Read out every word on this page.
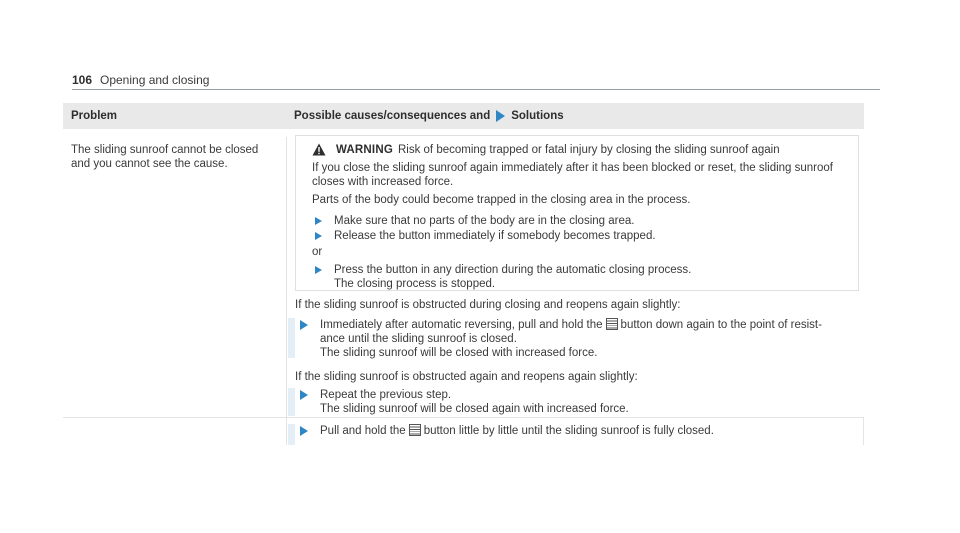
106 Opening and closing
Problem	Possible causes/consequences and Solutions
The sliding sunroof cannot be closed
and you cannot see the cause.
WARNING Risk of becoming trapped or fatal injury by closing the sliding sunroof again
If you close the sliding sunroof again immediately after it has been blocked or reset, the sliding sunroof
closes with increased force.
Parts of the body could become trapped in the closing area in the process.
Make sure that no parts of the body are in the closing area.
Release the button immediately if somebody becomes trapped.
or
Press the button in any direction during the automatic closing process.
The closing process is stopped.
If the sliding sunroof is obstructed during closing and reopens again slightly:
Immediately after automatic reversing, pull and hold the button down again to the point of resist-
ance until the sliding sunroof is closed.
The sliding sunroof will be closed with increased force.
If the sliding sunroof is obstructed again and reopens again slightly:
Repeat the previous step.
The sliding sunroof will be closed again with increased force.
Pull and hold the button little by little until the sliding sunroof is fully closed.
